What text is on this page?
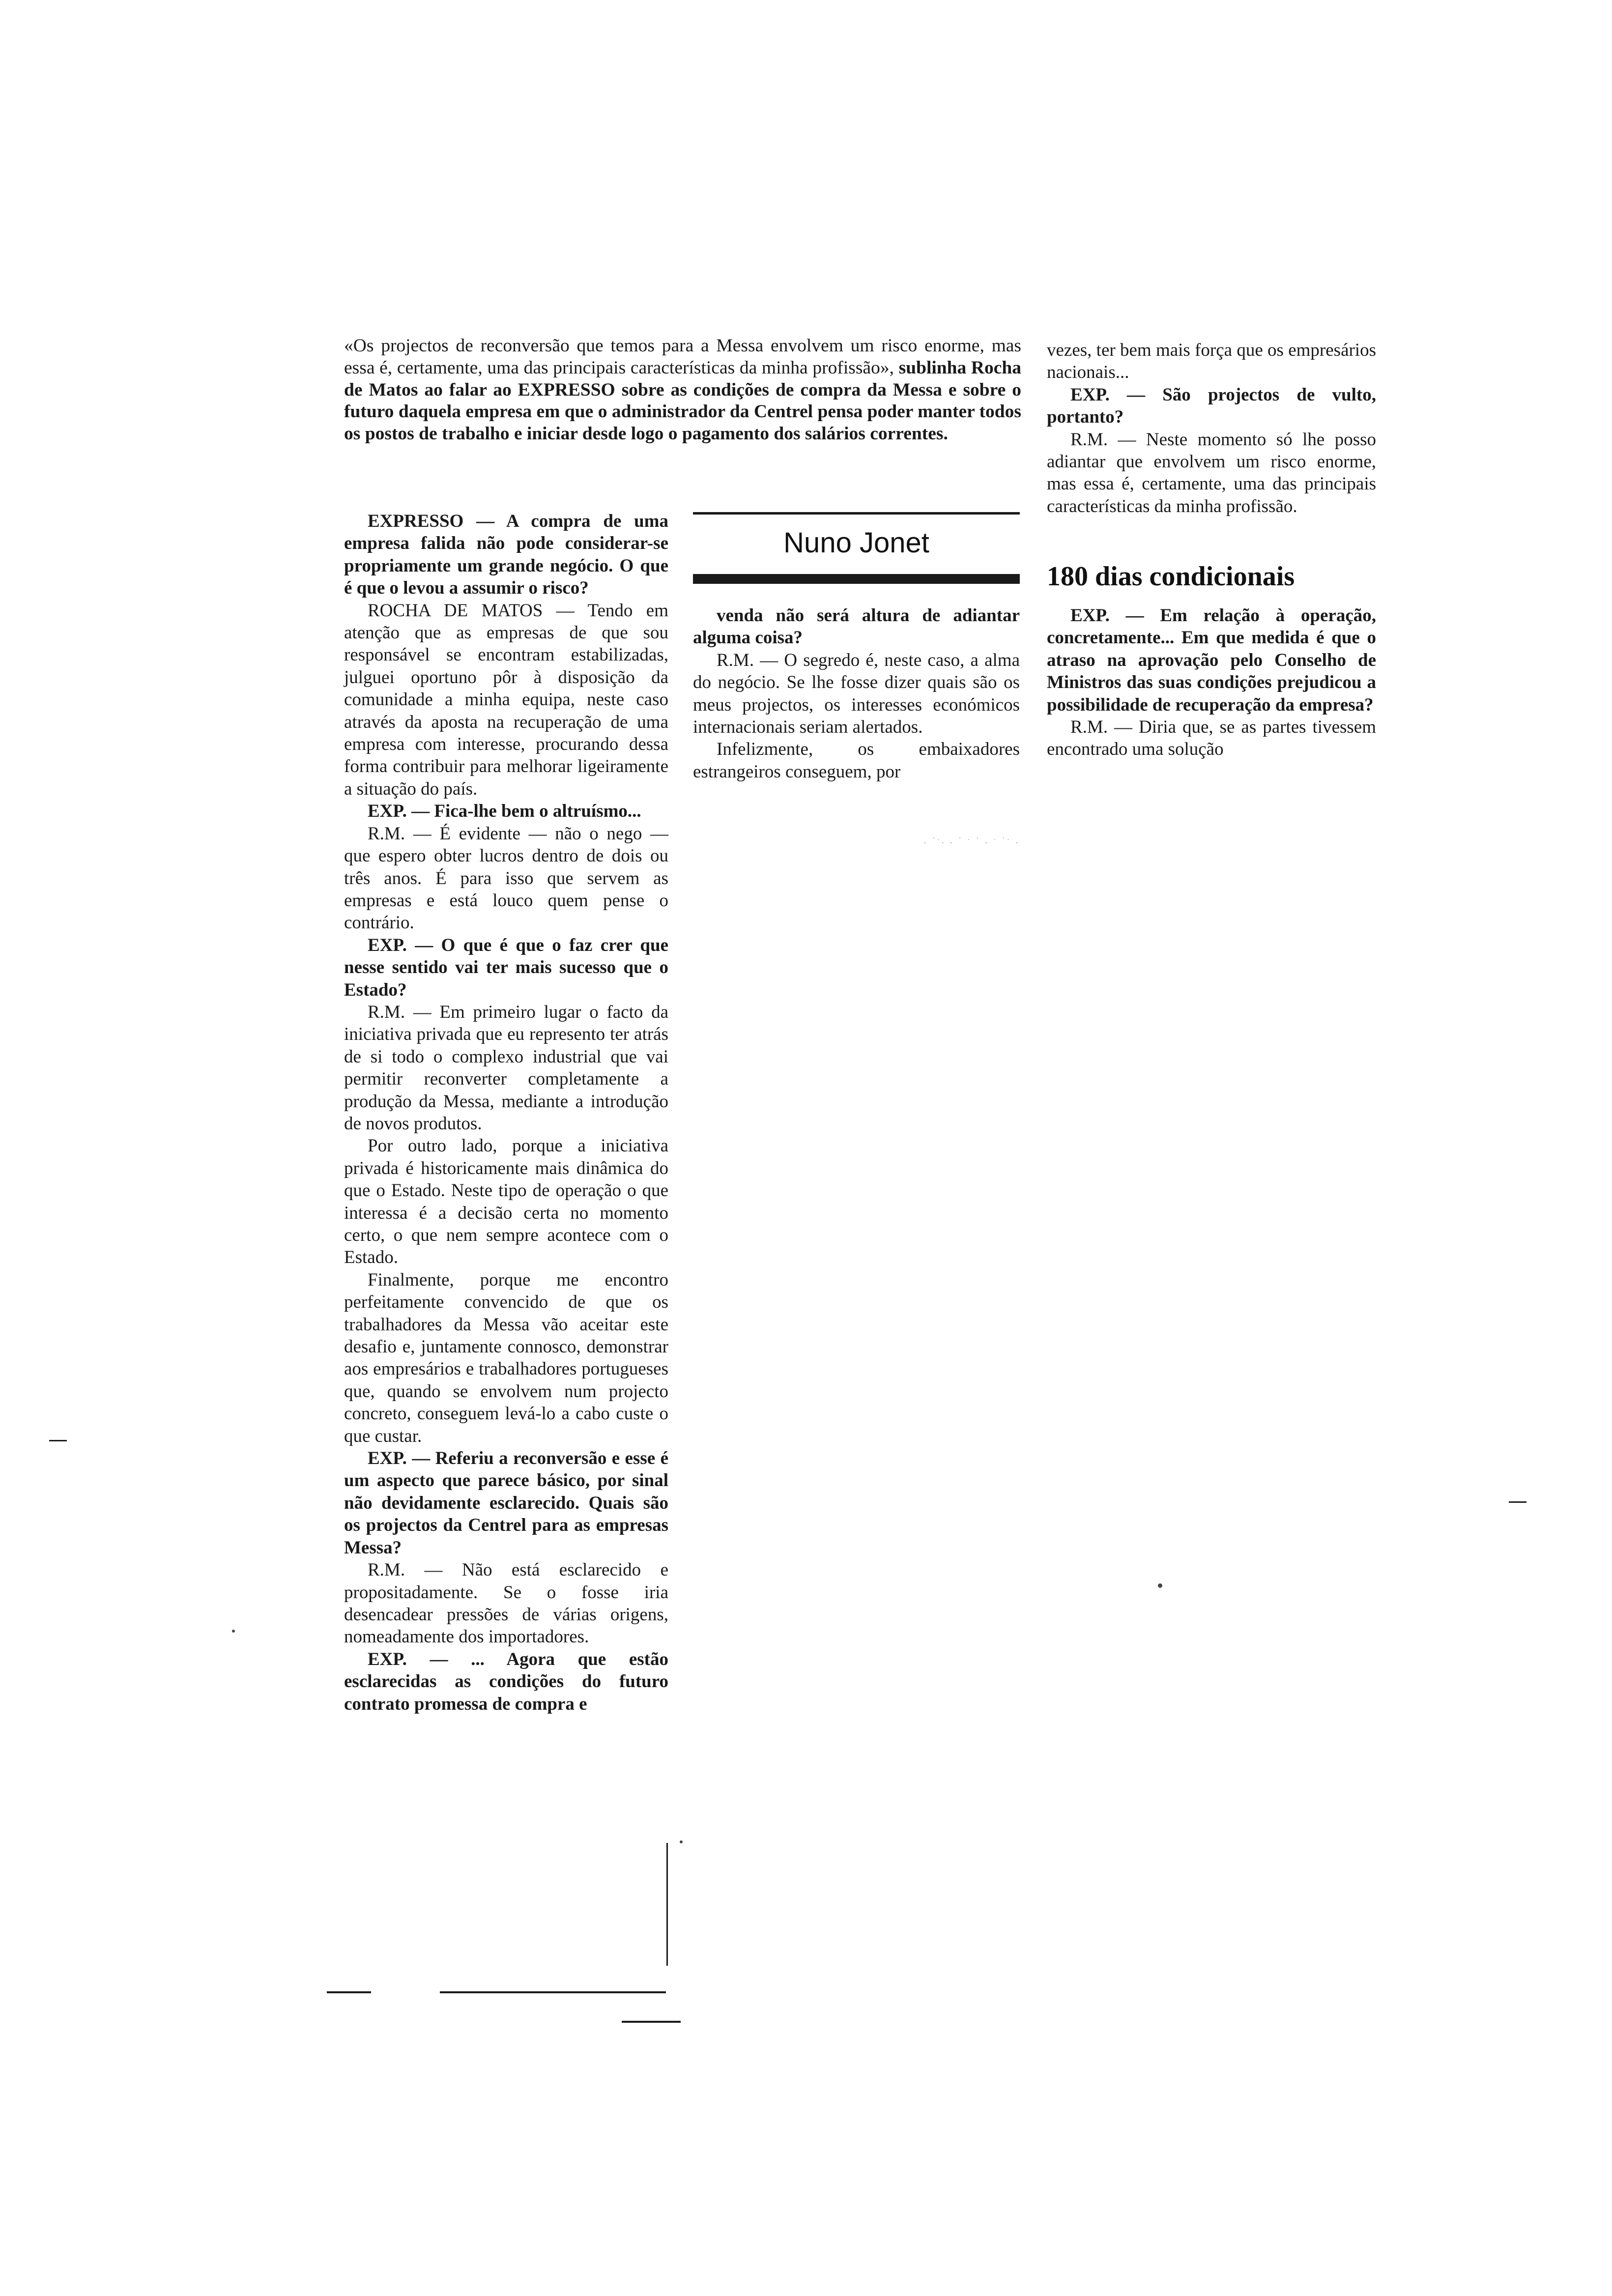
«Os projectos de reconversão que temos para a Messa envolvem um risco enorme, mas essa é, certamente, uma das principais características da minha profissão», sublinha Rocha de Matos ao falar ao EXPRESSO sobre as condições de compra da Messa e sobre o futuro daquela empresa em que o administrador da Centrel pensa poder manter todos os postos de trabalho e iniciar desde logo o pagamento dos salários correntes.

EXPRESSO — A compra de uma empresa falida não pode considerar-se propriamente um grande negócio. O que é que o levou a assumir o risco?

ROCHA DE MATOS — Tendo em atenção que as empresas de que sou responsável se encontram estabilizadas, julguei oportuno pôr à disposição da comunidade a minha equipa, neste caso através da aposta na recuperação de uma empresa com interesse, procurando dessa forma contribuir para melhorar ligeiramente a situação do país.

EXP. — Fica-lhe bem o altruísmo...

R.M. — É evidente — não o nego — que espero obter lucros dentro de dois ou três anos. É para isso que servem as empresas e está louco quem pense o contrário.

EXP. — O que é que o faz crer que nesse sentido vai ter mais sucesso que o Estado?

R.M. — Em primeiro lugar o facto da iniciativa privada que eu represento ter atrás de si todo o complexo industrial que vai permitir reconverter completamente a produção da Messa, mediante a introdução de novos produtos.

Por outro lado, porque a iniciativa privada é historicamente mais dinâmica do que o Estado. Neste tipo de operação o que interessa é a decisão certa no momento certo, o que nem sempre acontece com o Estado.

Finalmente, porque me encontro perfeitamente convencido de que os trabalhadores da Messa vão aceitar este desafio e, juntamente connosco, demonstrar aos empresários e trabalhadores portugueses que, quando se envolvem num projecto concreto, conseguem levá-lo a cabo custe o que custar.

EXP. — Referiu a reconversão e esse é um aspecto que parece básico, por sinal não devidamente esclarecido. Quais são os projectos da Centrel para as empresas Messa?

R.M. — Não está esclarecido e propositadamente. Se o fosse iria desencadear pressões de várias origens, nomeadamente dos importadores.

EXP. — ... Agora que estão esclarecidas as condições do futuro contrato promessa de compra e

Nuno Jonet

venda não será altura de adiantar alguma coisa?

R.M. — O segredo é, neste caso, a alma do negócio. Se lhe fosse dizer quais são os meus projectos, os interesses económicos internacionais seriam alertados.

Infelizmente, os embaixadores estrangeiros conseguem, por

. ˙ˑ. . ˙ ˑ ˙ . ˑ ˙ˑ .

vezes, ter bem mais força que os empresários nacionais...

EXP. — São projectos de vulto, portanto?

R.M. — Neste momento só lhe posso adiantar que envolvem um risco enorme, mas essa é, certamente, uma das principais características da minha profissão.

180 dias condicionais

EXP. — Em relação à operação, concretamente... Em que medida é que o atraso na aprovação pelo Conselho de Ministros das suas condições prejudicou a possibilidade de recuperação da empresa?

R.M. — Diria que, se as partes tivessem encontrado uma solução
